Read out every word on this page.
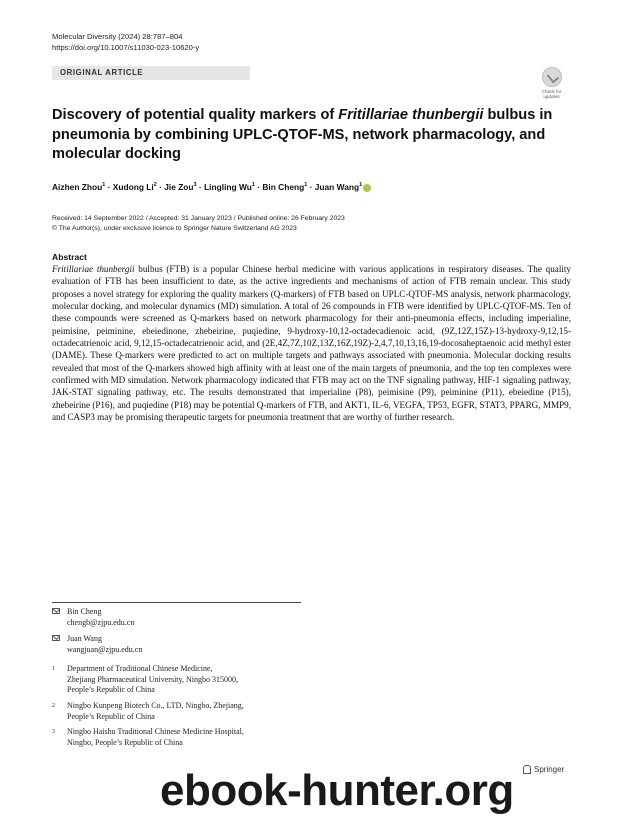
Molecular Diversity (2024) 28:787–804
https://doi.org/10.1007/s11030-023-10620-y
ORIGINAL ARTICLE
Check for
updates
Discovery of potential quality markers of Fritillariae thunbergii bulbus in pneumonia by combining UPLC-QTOF-MS, network pharmacology, and molecular docking
Aizhen Zhou$^1$ · Xudong $Li^2$ · Jie Zou$^3$ · Lingling $Wu^1$ · Bin Cheng$^1$ · Juan Wang$^1$
Received: 14 September 2022 / Accepted: 31 January 2023 / Published online: 26 February 2023
© The Author(s), under exclusive licence to Springer Nature Switzerland AG 2023
Abstract
Fritillariae thunbergii bulbus (FTB) is a popular Chinese herbal medicine with various applications in respiratory diseases. The quality evaluation of FTB has been insufficient to date, as the active ingredients and mechanisms of action of FTB remain unclear. This study proposes a novel strategy for exploring the quality markers (Q-markers) of FTB based on UPLC-QTOF-MS analysis, network pharmacology, molecular docking, and molecular dynamics (MD) simulation. A total of 26 compounds in FTB were identified by UPLC-QTOF-MS. Ten of these compounds were screened as Q-markers based on network pharmacology for their anti-pneumonia effects, including imperialine, peimisine, peiminine, ebeiedinone, zhebeirine, puqiedine, 9-hydroxy-10,12-octadecadienoic acid, (9Z,12Z,15Z)-13-hydroxy-9,12,15-octadecatrienoic acid, 9,12,15-octadecatrienoic acid, and (2E,4Z,7Z,10Z,13Z,16Z,19Z)-2,4,7,10,13,16,19-docosaheptaenoic acid methyl ester (DAME). These Q-markers were predicted to act on multiple targets and pathways associated with pneumonia. Molecular docking results revealed that most of the Q-markers showed high affinity with at least one of the main targets of pneumonia, and the top ten complexes were confirmed with MD simulation. Network pharmacology indicated that FTB may act on the TNF signaling pathway, HIF-1 signaling pathway, JAK-STAT signaling pathway, etc. The results demonstrated that imperialine (P8), peimisine (P9), peiminine (P11), ebeiedine (P15), zhebeirine (P16), and puqiedine (P18) may be potential Q-markers of FTB, and AKT1, IL-6, VEGFA, TP53, EGFR, STAT3, PPARG, MMP9, and CASP3 may be promising therapeutic targets for pneumonia treatment that are worthy of further research.
Bin Cheng
chengb@zjpu.edu.cn
Juan Wang
wangjuan@zjpu.edu.cn
1 Department of Traditional Chinese Medicine,
Zhejiang Pharmaceutical University, Ningbo 315000,
People’s Republic of China
2 Ningbo Kunpeng Biotech Co., LTD, Ningbo, Zhejiang,
People’s Republic of China
3 Ningbo Haishu Traditional Chinese Medicine Hospital,
Ningbo, People’s Republic of China
Springer
ebook-hunter.org
